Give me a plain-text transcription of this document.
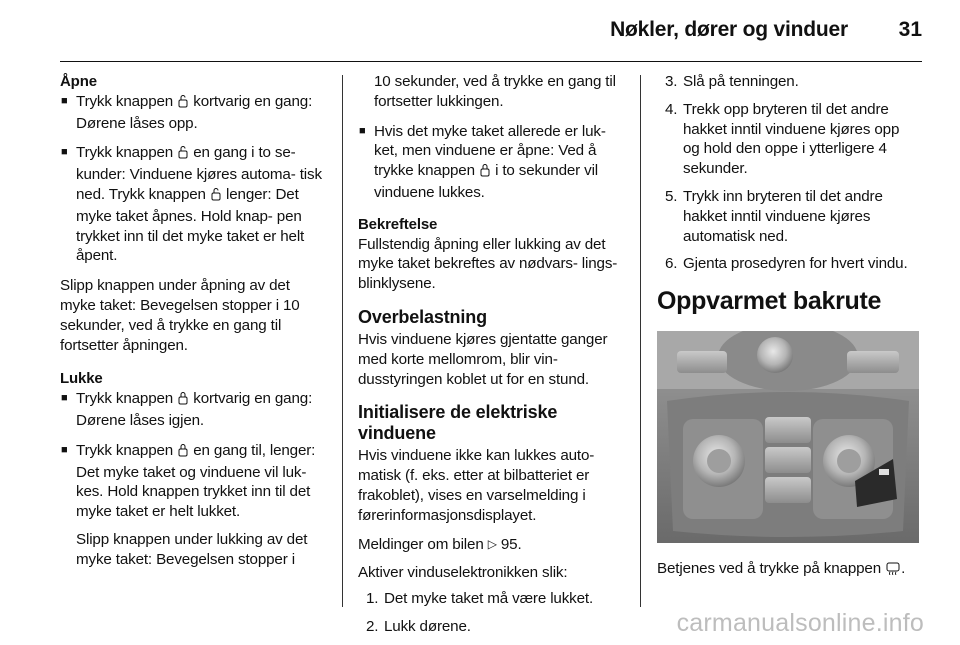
Nøkler, dører og vinduer 31
Åpne
■ Trykk knappen kortvarig en gang: Dørene låses opp.
■ Trykk knappen en gang i to se- kunder: Vinduene kjøres automa- tisk ned. Trykk knappen lenger: Det myke taket åpnes. Hold knap- pen trykket inn til det myke taket er helt åpent.

Slipp knappen under åpning av det myke taket: Bevegelsen stopper i 10 sekunder, ved å trykke en gang til fortsetter åpningen.

Lukke
■ Trykk knappen kortvarig en gang: Dørene låses igjen.
■ Trykk knappen en gang til, lenger: Det myke taket og vinduene vil luk- kes. Hold knappen trykket inn til det myke taket er helt lukket.
Slipp knappen under lukking av det myke taket: Bevegelsen stopper i
10 sekunder, ved å trykke en gang til fortsetter lukkingen.
■ Hvis det myke taket allerede er luk- ket, men vinduene er åpne: Ved å trykke knappen i to sekunder vil vinduene lukkes.
Bekreftelse

Fullstendig åpning eller lukking av det myke taket bekreftes av nødvars- lings-blinklysene.

Overbelastning

Hvis vinduene kjøres gjentatte ganger med korte mellomrom, blir vin- dusstyringen koblet ut for en stund.

Initialisere de elektriske vinduene

Hvis vinduene ikke kan lukkes auto- matisk (f. eks. etter at bilbatteriet er frakoblet), vises en varselmelding i førerinformasjonsdisplayet.

Meldinger om bilen ▷ 95.

Aktiver vinduselektronikken slik:

1. Det myke taket må være lukket.
2. Lukk dørene.
3. Slå på tenningen.
4. Trekk opp bryteren til det andre hakket inntil vinduene kjøres opp og hold den oppe i ytterligere 4 sekunder.
5. Trykk inn bryteren til det andre hakket inntil vinduene kjøres automatisk ned.
6. Gjenta prosedyren for hvert vindu.
Oppvarmet bakrute

Betjenes ved å trykke på knappen .

carmanualsonline.info
